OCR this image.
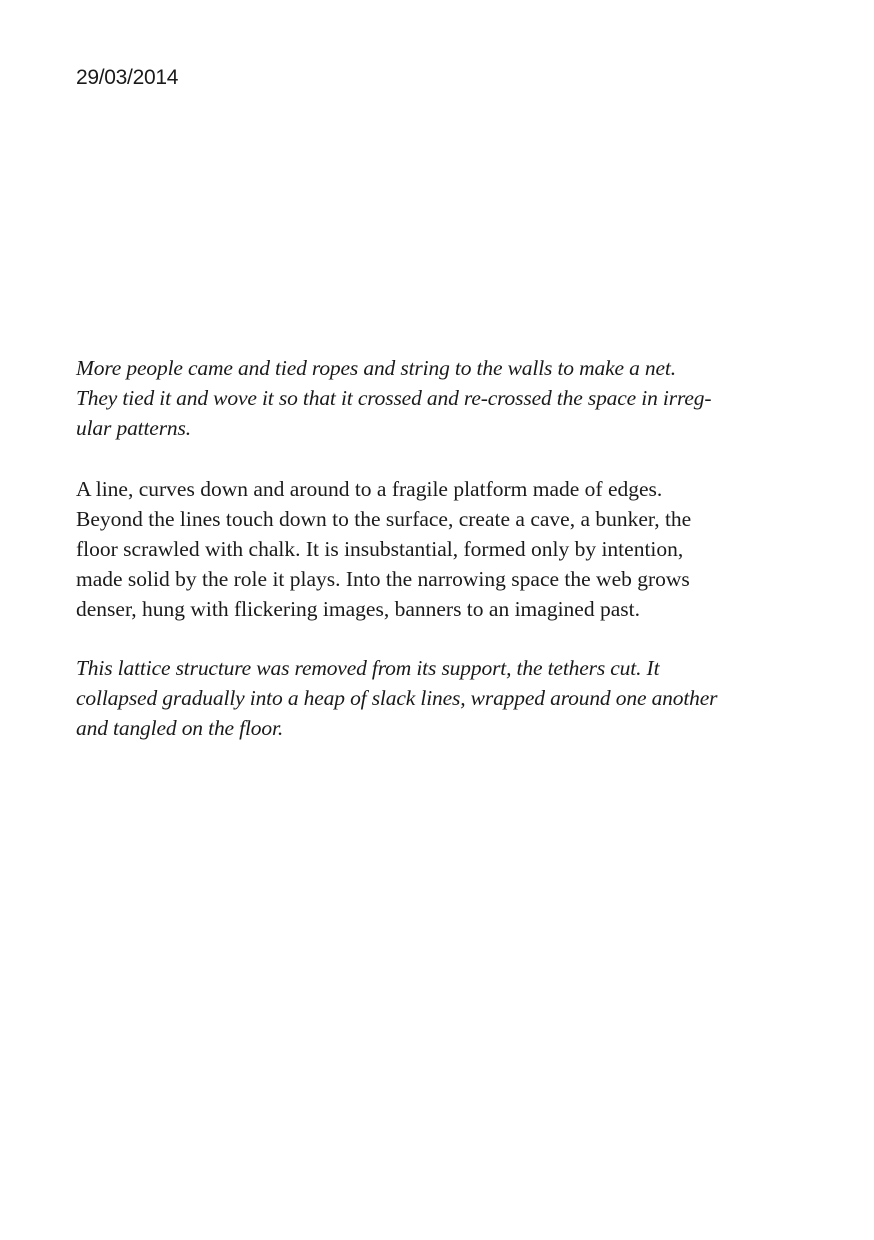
29/03/2014

More people came and tied ropes and string to the walls to make a net.
They tied it and wove it so that it crossed and re-crossed the space in irreg-
ular patterns.

A line, curves down and around to a fragile platform made of edges.
Beyond the lines touch down to the surface, create a cave, a bunker, the
floor scrawled with chalk. It is insubstantial, formed only by intention,
made solid by the role it plays. Into the narrowing space the web grows
denser, hung with flickering images, banners to an imagined past.

This lattice structure was removed from its support, the tethers cut. It
collapsed gradually into a heap of slack lines, wrapped around one another
and tangled on the floor.
